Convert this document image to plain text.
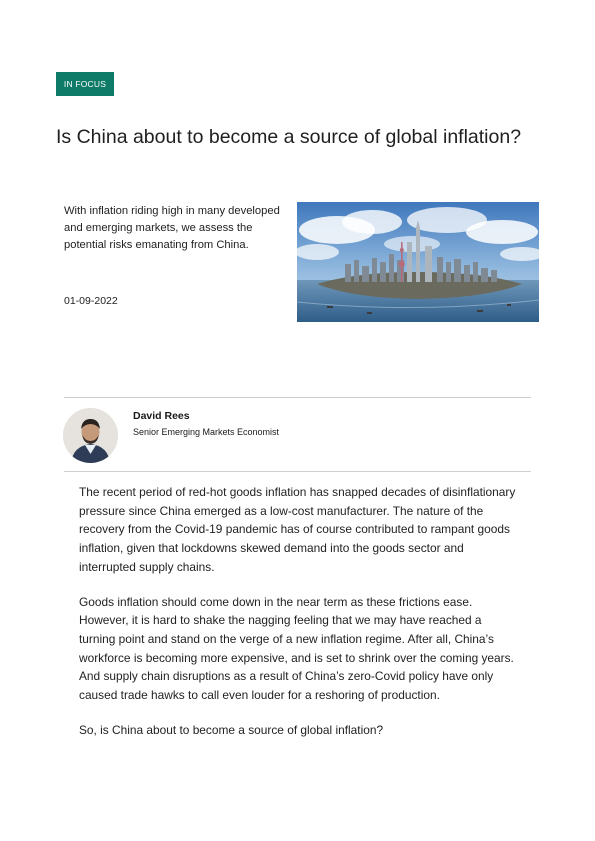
IN FOCUS
Is China about to become a source of global inflation?

With inflation riding high in many developed and emerging markets, we assess the potential risks emanating from China.

01-09-2022
David Rees
Senior Emerging Markets Economist

The recent period of red-hot goods inflation has snapped decades of disinflationary pressure since China emerged as a low-cost manufacturer. The nature of the recovery from the Covid-19 pandemic has of course contributed to rampant goods inflation, given that lockdowns skewed demand into the goods sector and interrupted supply chains.

Goods inflation should come down in the near term as these frictions ease. However, it is hard to shake the nagging feeling that we may have reached a turning point and stand on the verge of a new inflation regime. After all, China’s workforce is becoming more expensive, and is set to shrink over the coming years. And supply chain disruptions as a result of China’s zero-Covid policy have only caused trade hawks to call even louder for a reshoring of production.

So, is China about to become a source of global inflation?
